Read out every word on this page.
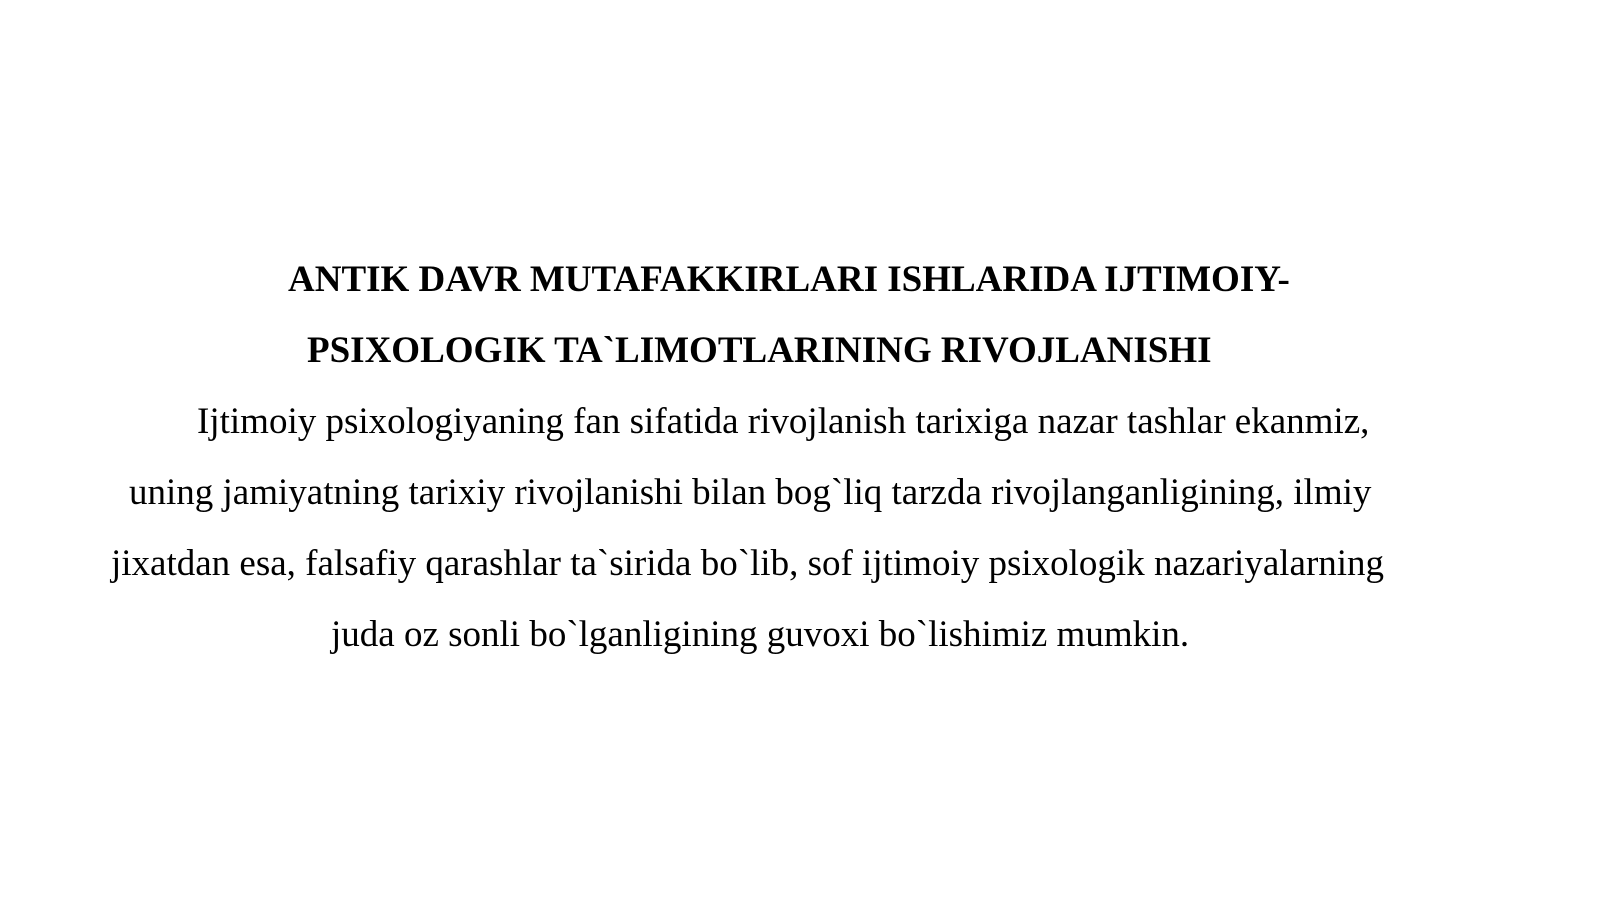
ANTIK DAVR MUTAFAKKIRLARI ISHLARIDA IJTIMOIY-
PSIXOLOGIK TA`LIMOTLARINING RIVOJLANISHI
Ijtimoiy psixologiyaning fan sifatida rivojlanish tarixiga nazar tashlar ekanmiz,
uning jamiyatning tarixiy rivojlanishi bilan bog`liq tarzda rivojlanganligining, ilmiy
jixatdan esa, falsafiy qarashlar ta`sirida bo`lib, sof ijtimoiy psixologik nazariyalarning
juda oz sonli bo`lganligining guvoxi bo`lishimiz mumkin.
